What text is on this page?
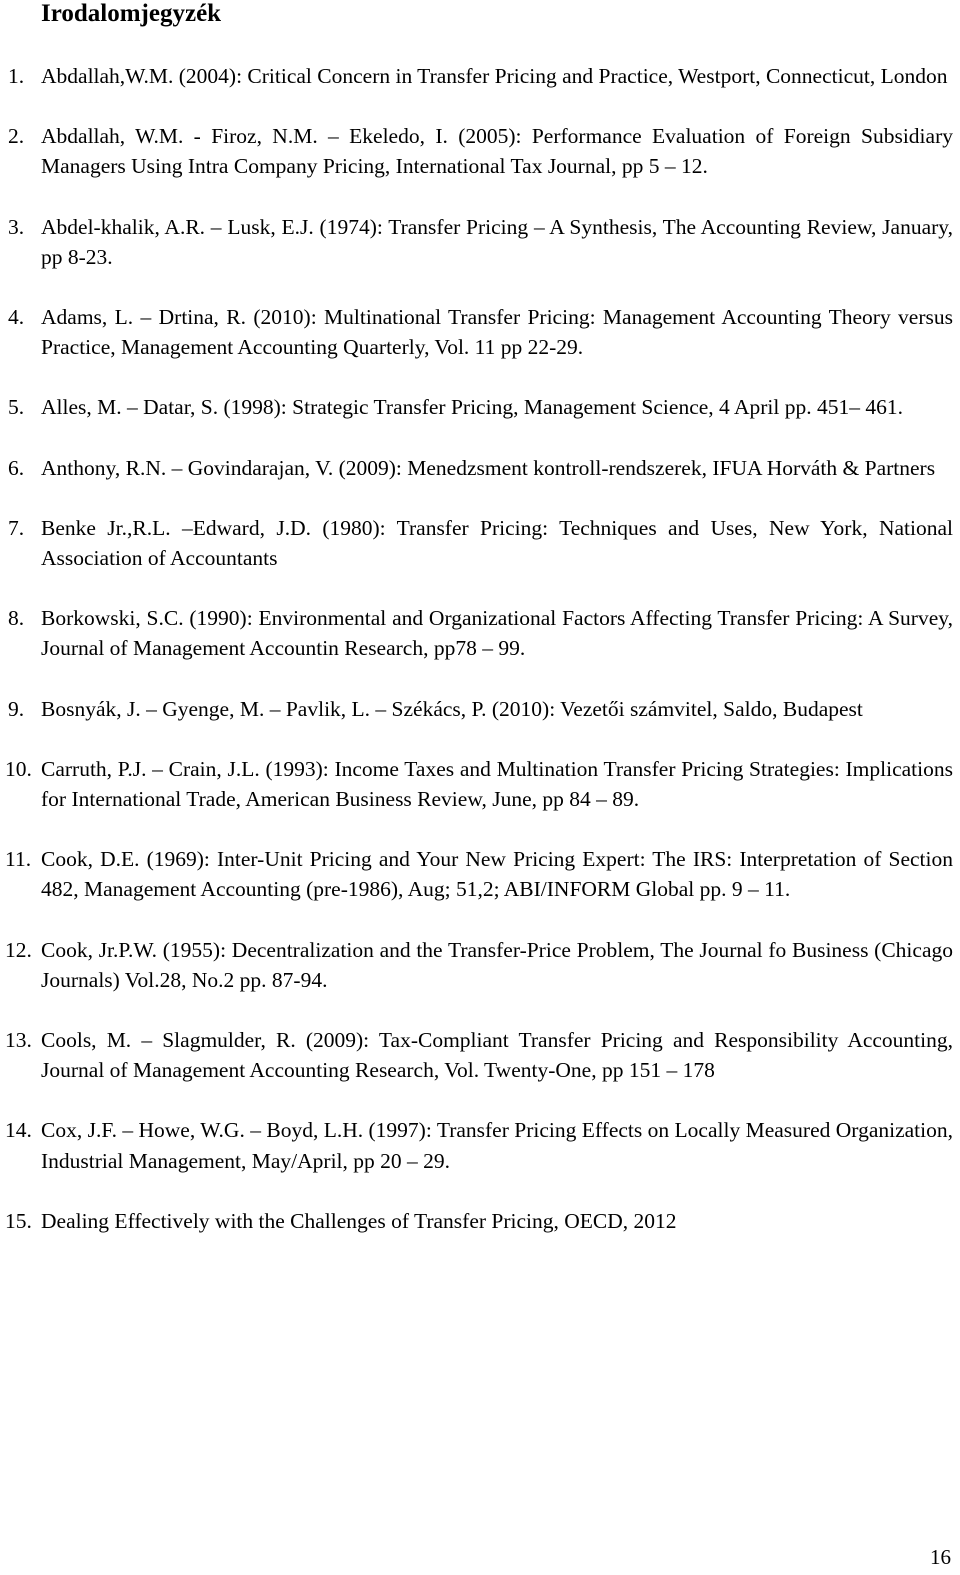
Irodalomjegyzék
1. Abdallah,W.M. (2004): Critical Concern in Transfer Pricing and Practice, Westport, Connecticut, London
2. Abdallah, W.M. - Firoz, N.M. – Ekeledo, I. (2005): Performance Evaluation of Foreign Subsidiary Managers Using Intra Company Pricing, International Tax Journal, pp 5 – 12.
3. Abdel-khalik, A.R. – Lusk, E.J. (1974): Transfer Pricing – A Synthesis, The Accounting Review, January, pp 8-23.
4. Adams, L. – Drtina, R. (2010): Multinational Transfer Pricing: Management Accounting Theory versus Practice, Management Accounting Quarterly, Vol. 11 pp 22-29.
5. Alles, M. – Datar, S. (1998): Strategic Transfer Pricing, Management Science, 4 April pp. 451– 461.
6. Anthony, R.N. – Govindarajan, V. (2009): Menedzsment kontroll-rendszerek, IFUA Horváth & Partners
7. Benke Jr.,R.L. –Edward, J.D. (1980): Transfer Pricing: Techniques and Uses, New York, National Association of Accountants
8. Borkowski, S.C. (1990): Environmental and Organizational Factors Affecting Transfer Pricing: A Survey, Journal of Management Accountin Research, pp78 – 99.
9. Bosnyák, J. – Gyenge, M. – Pavlik, L. – Székács, P. (2010): Vezetői számvitel, Saldo, Budapest
10. Carruth, P.J. – Crain, J.L. (1993): Income Taxes and Multination Transfer Pricing Strategies: Implications for International Trade, American Business Review, June, pp 84 – 89.
11. Cook, D.E. (1969): Inter-Unit Pricing and Your New Pricing Expert: The IRS: Interpretation of Section 482, Management Accounting (pre-1986), Aug; 51,2; ABI/INFORM Global pp. 9 – 11.
12. Cook, Jr.P.W. (1955): Decentralization and the Transfer-Price Problem, The Journal fo Business (Chicago Journals) Vol.28, No.2 pp. 87-94.
13. Cools, M. – Slagmulder, R. (2009): Tax-Compliant Transfer Pricing and Responsibility Accounting, Journal of Management Accounting Research, Vol. Twenty-One, pp 151 – 178
14. Cox, J.F. – Howe, W.G. – Boyd, L.H. (1997): Transfer Pricing Effects on Locally Measured Organization, Industrial Management, May/April, pp 20 – 29.
15. Dealing Effectively with the Challenges of Transfer Pricing, OECD, 2012
16
